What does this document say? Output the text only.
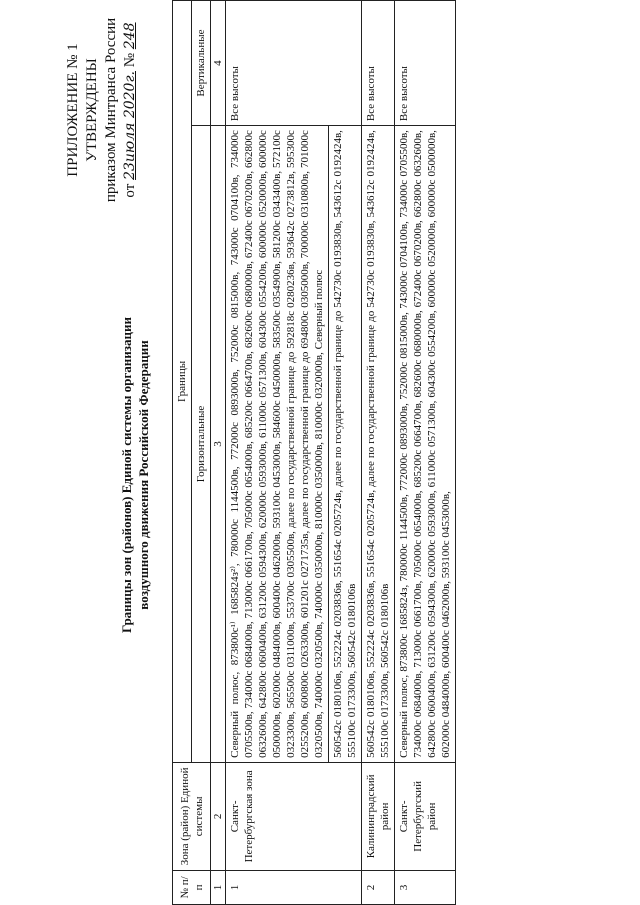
ПРИЛОЖЕНИЕ № 1 УТВЕРЖДЕНЫ приказом Минтранса России от 23июля 2020г. № 248
Границы зон (районов) Единой системы организации воздушного движения Российской Федерации
№ п/п	Зона (район) Единой системы	Границы	
		Горизонтальные	Вертикальные
1	2	3	4
1	Санкт-Петербургская зона	Северный полюс, 873800с¹⁾ 1685824з²⁾, 780000с 1144500в, 772000с 0893000в, 752000с 0815000в, 743000с 0704100в, 734000с 0705500в, 734000с 0684000в, 713000с 0661700в, 705000с 0654000в, 685200с 0664700в, 682600с 0680000в, 672400с 0670200в, 662800с 0632600в, 642800с 0600400в, 631200с 0594300в, 620000с 0593000в, 611000с 0571300в, 604300с 0554200в, 600000с 0520000в, 600000с 0500000в, 602000с 0484000в, 600400с 0462000в, 593100с 0453000в, 584600с 0450000в, 583500с 0354900в, 581200с 0343400в, 572100с 0323300в, 565500с 0311000в, 553700с 0305500в, далее по государственной границе до 592818с 0280236в, 593642с 0273812в, 595300с 0255200в, 600800с 0263300в, 601201с 0271735в, далее по государственной границе до 694800с 0305000в, 700000с 0310800в, 701000с 0320500в, 740000с 0320500в, 740000с 0350000в, 810000с 0350000в, 810000с 0320000в, Северный полюс 560542с 0180106в, 552224с 0203836в, 551654с 0205724в, далее по государственной границе до 542730с 0193830в, 543612с 0192424в, 555100с 0173300в, 560542с 0180106в	Все высоты
2	Калининградский район	560542с 0180106в, 552224с 0203836в, 551654с 0205724в, далее по государственной границе до 542730с 0193830в, 543612с 0192424в, 555100с 0173300в, 560542с 0180106в	Все высоты
3	Санкт-Петербургский район	Северный полюс, 873800с 1685824з, 780000с 1144500в, 772000с 0893000в, 752000с 0815000в, 743000с 0704100в, 734000с 0705500в, 734000с 0684000в, 713000с 0661700в, 705000с 0654000в, 685200с 0664700в, 682600с 0680000в, 672400с 0670200в, 662800с 0632600в, 642800с 0600400в, 631200с 0594300в, 620000с 0593000в, 611000с 0571300в, 604300с 0554200в, 600000с 0520000в, 600000с 0500000в, 602000с 0484000в, 600400с 0462000в, 593100с 0453000в,	Все высоты
